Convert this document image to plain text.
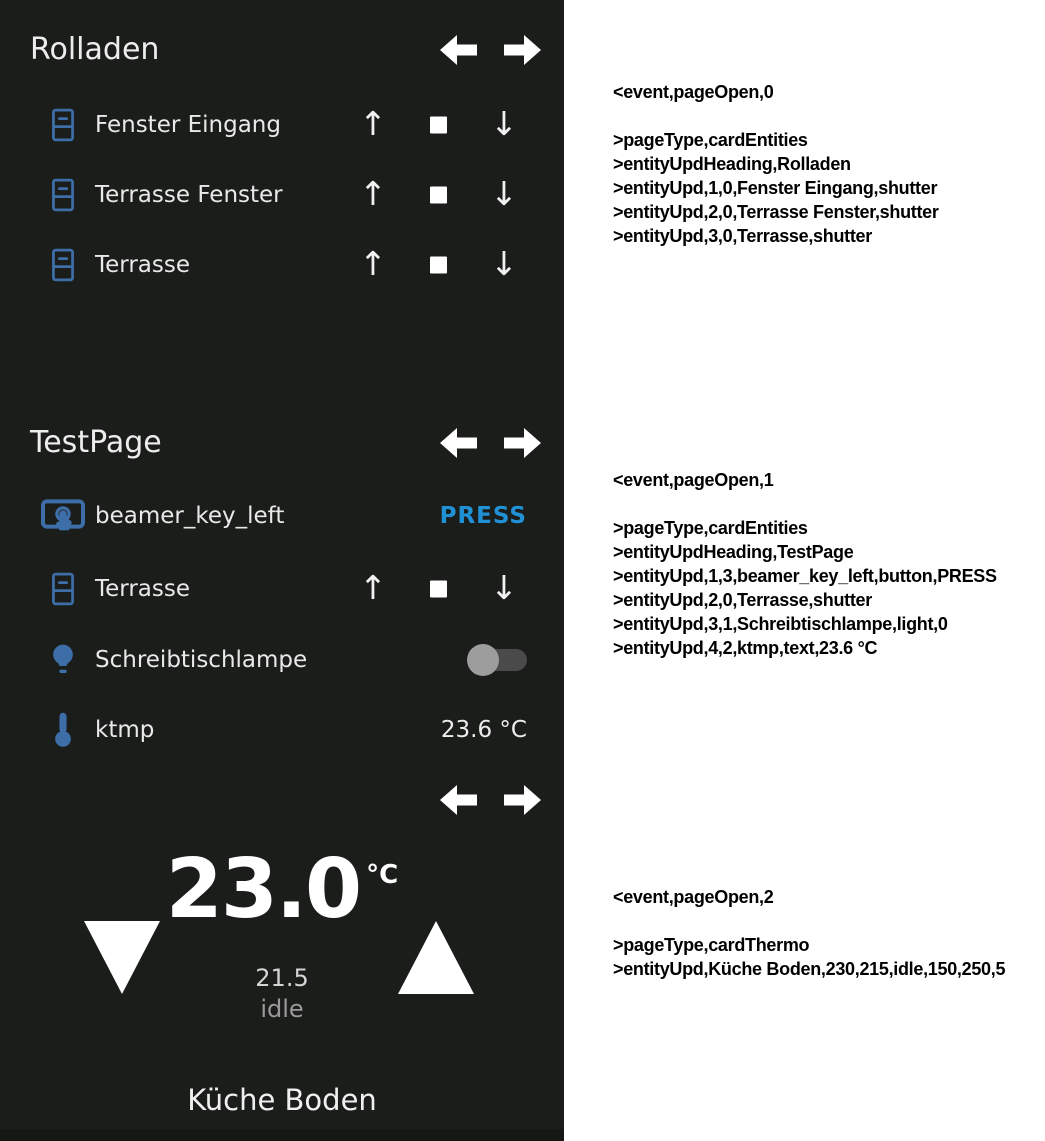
Rolladen
Fenster Eingang ↑	↓
Terrasse Fenster ↑	↓
Terrasse	↑	↓
TestPage
beamer_key_left	PRESS
Terrasse	↑	↓
Schreibtischlampe
ktmp	23.6 °C
23.0 °C
21.5
idle
Küche Boden
<event,pageOpen,0
>pageType,cardEntities
>entityUpdHeading,Rolladen
>entityUpd,1,0,Fenster Eingang,shutter
>entityUpd,2,0,Terrasse Fenster,shutter
>entityUpd,3,0,Terrasse,shutter
<event,pageOpen,1
>pageType,cardEntities
>entityUpdHeading,TestPage
>entityUpd,1,3,beamer_key_left,button,PRESS
>entityUpd,2,0,Terrasse,shutter
>entityUpd,3,1,Schreibtischlampe,light,0
>entityUpd,4,2,ktmp,text,23.6 °C
<event,pageOpen,2
>pageType,cardThermo
>entityUpd,Küche Boden,230,215,idle,150,250,5
